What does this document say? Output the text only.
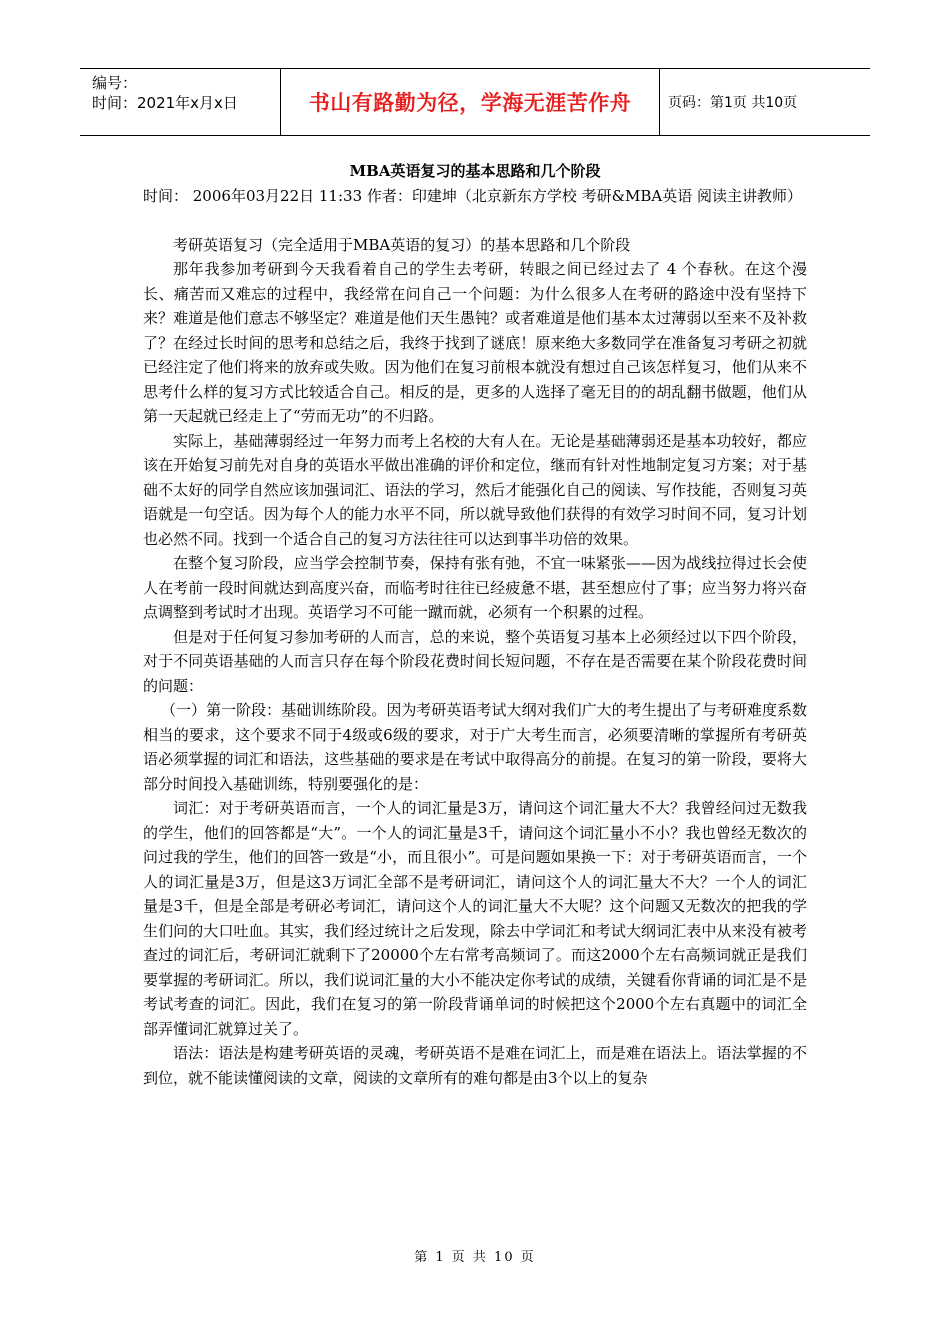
编号：
时间：2021年x月x日	书山有路勤为径，学海无涯苦作舟	页码：第1页 共10页
MBA英语复习的基本思路和几个阶段

时间： 2006年03月22日 11:33 作者：印建坤（北京新东方学校 考研&MBA英语 阅读主讲教师）

考研英语复习（完全适用于MBA英语的复习）的基本思路和几个阶段

那年我参加考研到今天我看着自己的学生去考研，转眼之间已经过去了 4 个春秋。在这个漫长、痛苦而又难忘的过程中，我经常在问自己一个问题：为什么很多人在考研的路途中没有坚持下来？难道是他们意志不够坚定？难道是他们天生愚钝？或者难道是他们基本太过薄弱以至来不及补救了？在经过长时间的思考和总结之后，我终于找到了谜底！原来绝大多数同学在准备复习考研之初就已经注定了他们将来的放弃或失败。因为他们在复习前根本就没有想过自己该怎样复习，他们从来不思考什么样的复习方式比较适合自己。相反的是，更多的人选择了毫无目的的胡乱翻书做题，他们从第一天起就已经走上了“劳而无功”的不归路。

实际上，基础薄弱经过一年努力而考上名校的大有人在。无论是基础薄弱还是基本功较好，都应该在开始复习前先对自身的英语水平做出准确的评价和定位，继而有针对性地制定复习方案；对于基础不太好的同学自然应该加强词汇、语法的学习，然后才能强化自己的阅读、写作技能，否则复习英语就是一句空话。因为每个人的能力水平不同，所以就导致他们获得的有效学习时间不同，复习计划也必然不同。找到一个适合自己的复习方法往往可以达到事半功倍的效果。

在整个复习阶段，应当学会控制节奏，保持有张有弛，不宜一味紧张——因为战线拉得过长会使人在考前一段时间就达到高度兴奋，而临考时往往已经疲惫不堪，甚至想应付了事；应当努力将兴奋点调整到考试时才出现。英语学习不可能一蹴而就，必须有一个积累的过程。

但是对于任何复习参加考研的人而言，总的来说，整个英语复习基本上必须经过以下四个阶段，对于不同英语基础的人而言只存在每个阶段花费时间长短问题，不存在是否需要在某个阶段花费时间的问题：

（一）第一阶段：基础训练阶段。因为考研英语考试大纲对我们广大的考生提出了与考研难度系数相当的要求，这个要求不同于4级或6级的要求，对于广大考生而言，必须要清晰的掌握所有考研英语必须掌握的词汇和语法，这些基础的要求是在考试中取得高分的前提。在复习的第一阶段，要将大部分时间投入基础训练，特别要强化的是：

词汇：对于考研英语而言，一个人的词汇量是3万，请问这个词汇量大不大？我曾经问过无数我的学生，他们的回答都是“大”。一个人的词汇量是3千，请问这个词汇量小不小？我也曾经无数次的问过我的学生，他们的回答一致是“小，而且很小”。可是问题如果换一下：对于考研英语而言，一个人的词汇量是3万，但是这3万词汇全部不是考研词汇，请问这个人的词汇量大不大？一个人的词汇量是3千，但是全部是考研必考词汇，请问这个人的词汇量大不大呢？这个问题又无数次的把我的学生们问的大口吐血。其实，我们经过统计之后发现，除去中学词汇和考试大纲词汇表中从来没有被考查过的词汇后，考研词汇就剩下了20000个左右常考高频词了。而这2000个左右高频词就正是我们要掌握的考研词汇。所以，我们说词汇量的大小不能决定你考试的成绩，关键看你背诵的词汇是不是考试考查的词汇。因此，我们在复习的第一阶段背诵单词的时候把这个2000个左右真题中的词汇全部弄懂词汇就算过关了。

语法：语法是构建考研英语的灵魂，考研英语不是难在词汇上，而是难在语法上。语法掌握的不到位，就不能读懂阅读的文章，阅读的文章所有的难句都是由3个以上的复杂

第 1 页 共 10 页
